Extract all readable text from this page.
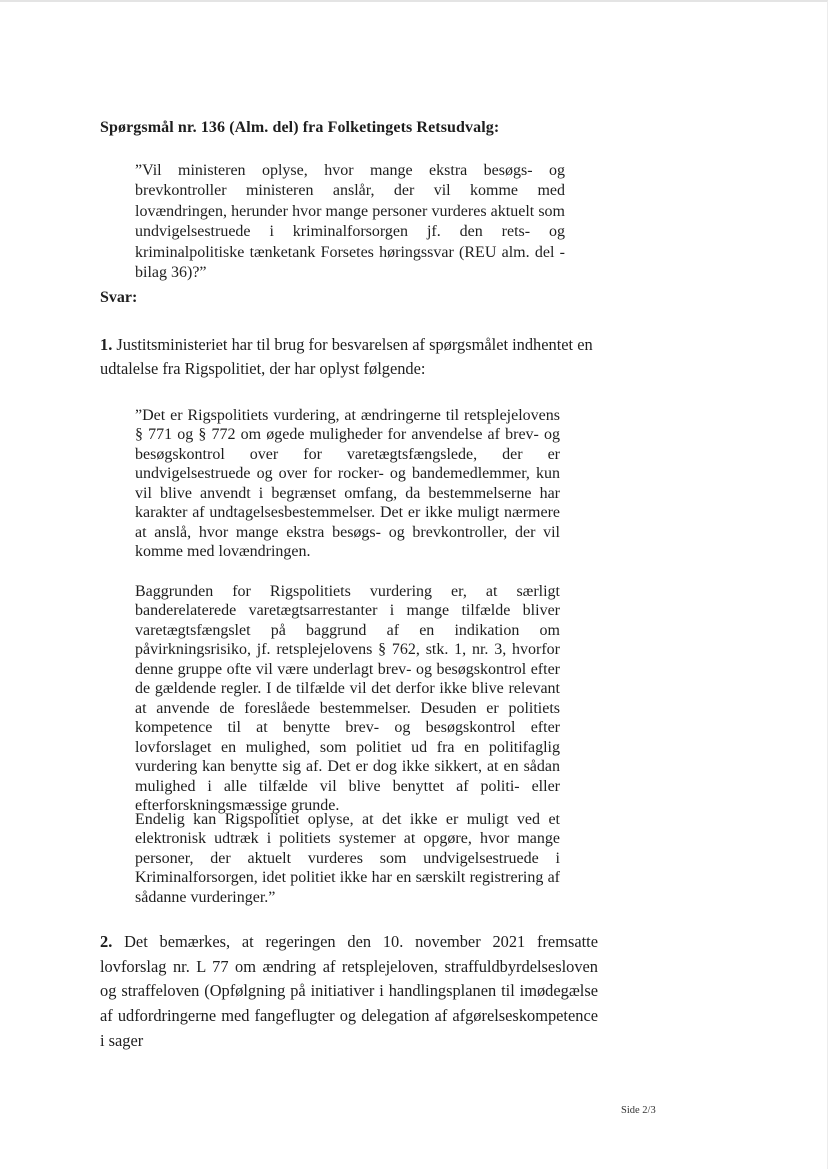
Spørgsmål nr. 136 (Alm. del) fra Folketingets Retsudvalg:
”Vil ministeren oplyse, hvor mange ekstra besøgs- og brevkontroller ministeren anslår, der vil komme med lovændringen, herunder hvor mange personer vurderes aktuelt som undvigelsestruede i kriminalforsorgen jf. den rets- og kriminalpolitiske tænketank Forsetes høringssvar (REU alm. del - bilag 36)?”
Svar:
1. Justitsministeriet har til brug for besvarelsen af spørgsmålet indhentet en udtalelse fra Rigspolitiet, der har oplyst følgende:
”Det er Rigspolitiets vurdering, at ændringerne til retsplejelovens § 771 og § 772 om øgede muligheder for anvendelse af brev- og besøgskontrol over for varetægtsfængslede, der er undvigelsestruede og over for rocker- og bandemedlemmer, kun vil blive anvendt i begrænset omfang, da bestemmelserne har karakter af undtagelsesbestemmelser. Det er ikke muligt nærmere at anslå, hvor mange ekstra besøgs- og brevkontroller, der vil komme med lovændringen.
Baggrunden for Rigspolitiets vurdering er, at særligt banderelaterede varetægtsarrestanter i mange tilfælde bliver varetægtsfængslet på baggrund af en indikation om påvirkningsrisiko, jf. retsplejelovens § 762, stk. 1, nr. 3, hvorfor denne gruppe ofte vil være underlagt brev- og besøgskontrol efter de gældende regler. I de tilfælde vil det derfor ikke blive relevant at anvende de foreslåede bestemmelser. Desuden er politiets kompetence til at benytte brev- og besøgskontrol efter lovforslaget en mulighed, som politiet ud fra en politifaglig vurdering kan benytte sig af. Det er dog ikke sikkert, at en sådan mulighed i alle tilfælde vil blive benyttet af politi- eller efterforskningsmæssige grunde.
Endelig kan Rigspolitiet oplyse, at det ikke er muligt ved et elektronisk udtræk i politiets systemer at opgøre, hvor mange personer, der aktuelt vurderes som undvigelsestruede i Kriminalforsorgen, idet politiet ikke har en særskilt registrering af sådanne vurderinger.”
2. Det bemærkes, at regeringen den 10. november 2021 fremsatte lovforslag nr. L 77 om ændring af retsplejeloven, straffuldbyrdelsesloven og straffeloven (Opfølgning på initiativer i handlingsplanen til imødegælse af udfordringerne med fangeflugter og delegation af afgørelseskompetence i sager
Side 2/3
